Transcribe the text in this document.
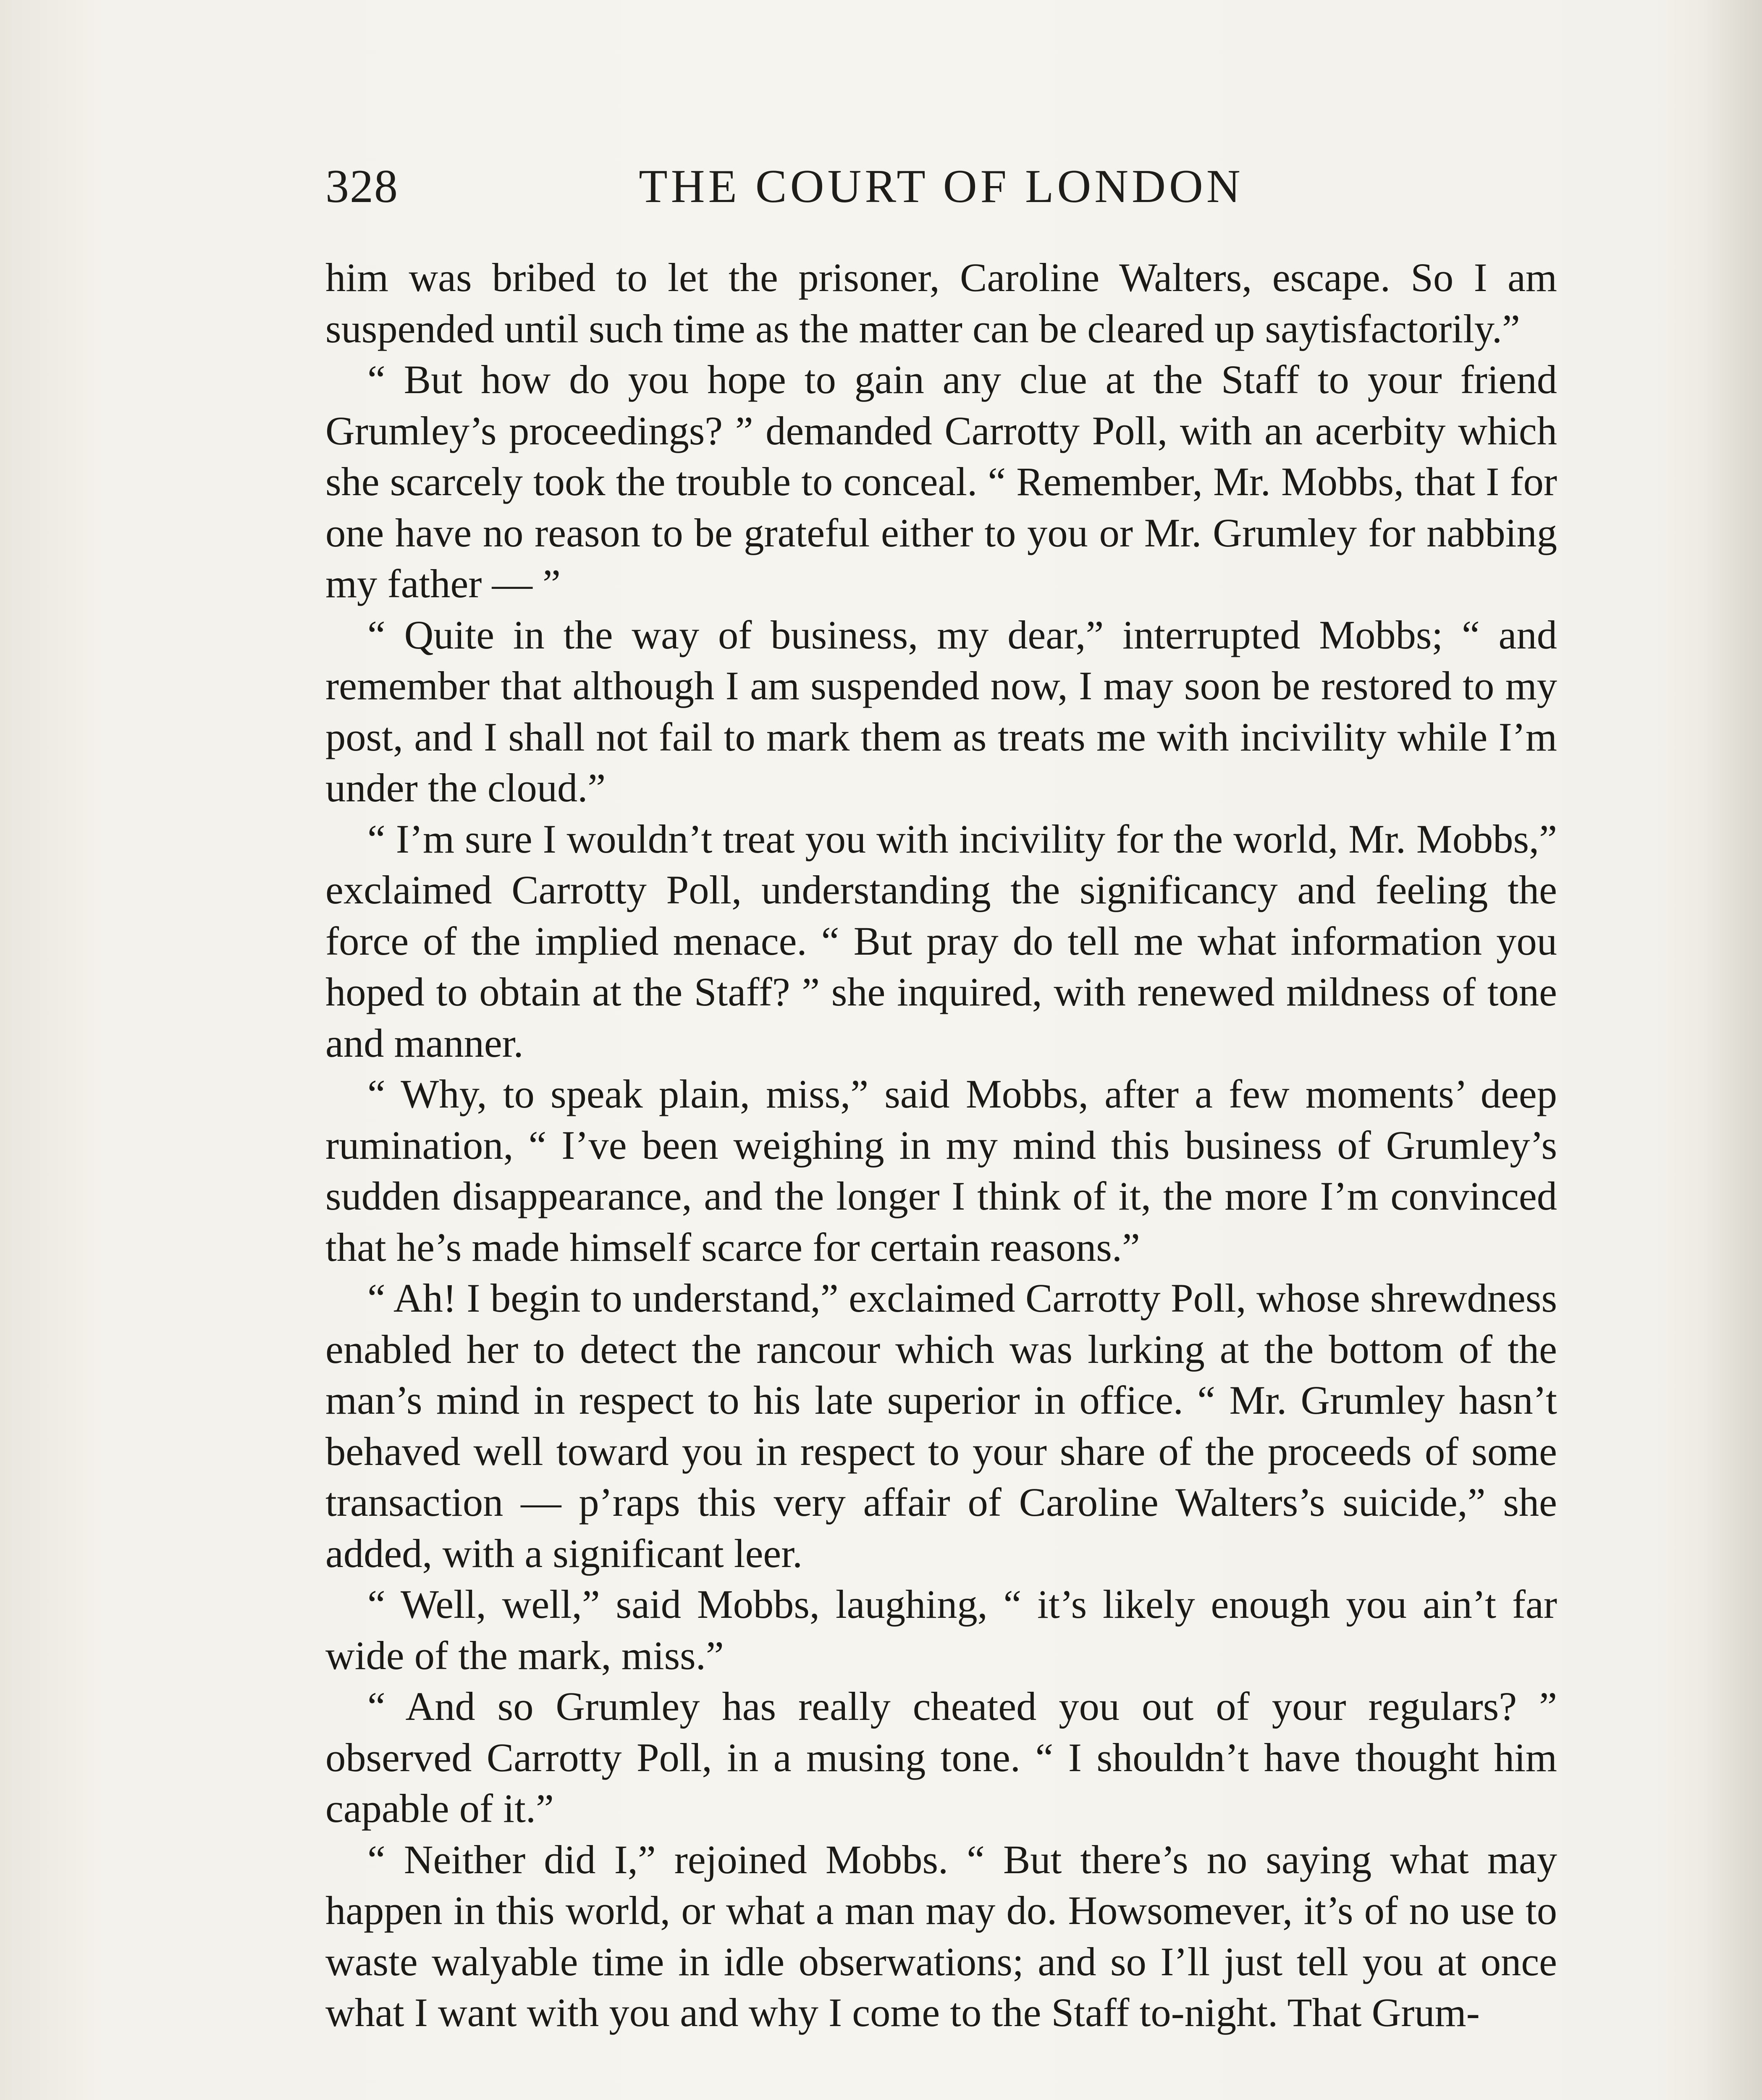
328	THE COURT OF LONDON

him was bribed to let the prisoner, Caroline Walters, escape. So I am suspended until such time as the matter can be cleared up saytisfactorily.”

“ But how do you hope to gain any clue at the Staff to your friend Grumley’s proceedings? ” demanded Carrotty Poll, with an acerbity which she scarcely took the trouble to conceal. “ Remember, Mr. Mobbs, that I for one have no reason to be grateful either to you or Mr. Grumley for nabbing my father — ”

“ Quite in the way of business, my dear,” interrupted Mobbs; “ and remember that although I am suspended now, I may soon be restored to my post, and I shall not fail to mark them as treats me with incivility while I’m under the cloud.”

“ I’m sure I wouldn’t treat you with incivility for the world, Mr. Mobbs,” exclaimed Carrotty Poll, understanding the significancy and feeling the force of the implied menace. “ But pray do tell me what information you hoped to obtain at the Staff? ” she inquired, with renewed mildness of tone and manner.

“ Why, to speak plain, miss,” said Mobbs, after a few moments’ deep rumination, “ I’ve been weighing in my mind this business of Grumley’s sudden disappearance, and the longer I think of it, the more I’m convinced that he’s made himself scarce for certain reasons.”

“ Ah! I begin to understand,” exclaimed Carrotty Poll, whose shrewdness enabled her to detect the rancour which was lurking at the bottom of the man’s mind in respect to his late superior in office. “ Mr. Grumley hasn’t behaved well toward you in respect to your share of the proceeds of some transaction — p’raps this very affair of Caroline Walters’s suicide,” she added, with a significant leer.

“ Well, well,” said Mobbs, laughing, “ it’s likely enough you ain’t far wide of the mark, miss.”

“ And so Grumley has really cheated you out of your regulars? ” observed Carrotty Poll, in a musing tone. “ I shouldn’t have thought him capable of it.”

“ Neither did I,” rejoined Mobbs. “ But there’s no saying what may happen in this world, or what a man may do. Howsomever, it’s of no use to waste walyable time in idle obserwations; and so I’ll just tell you at once what I want with you and why I come to the Staff to-night. That Grum-
